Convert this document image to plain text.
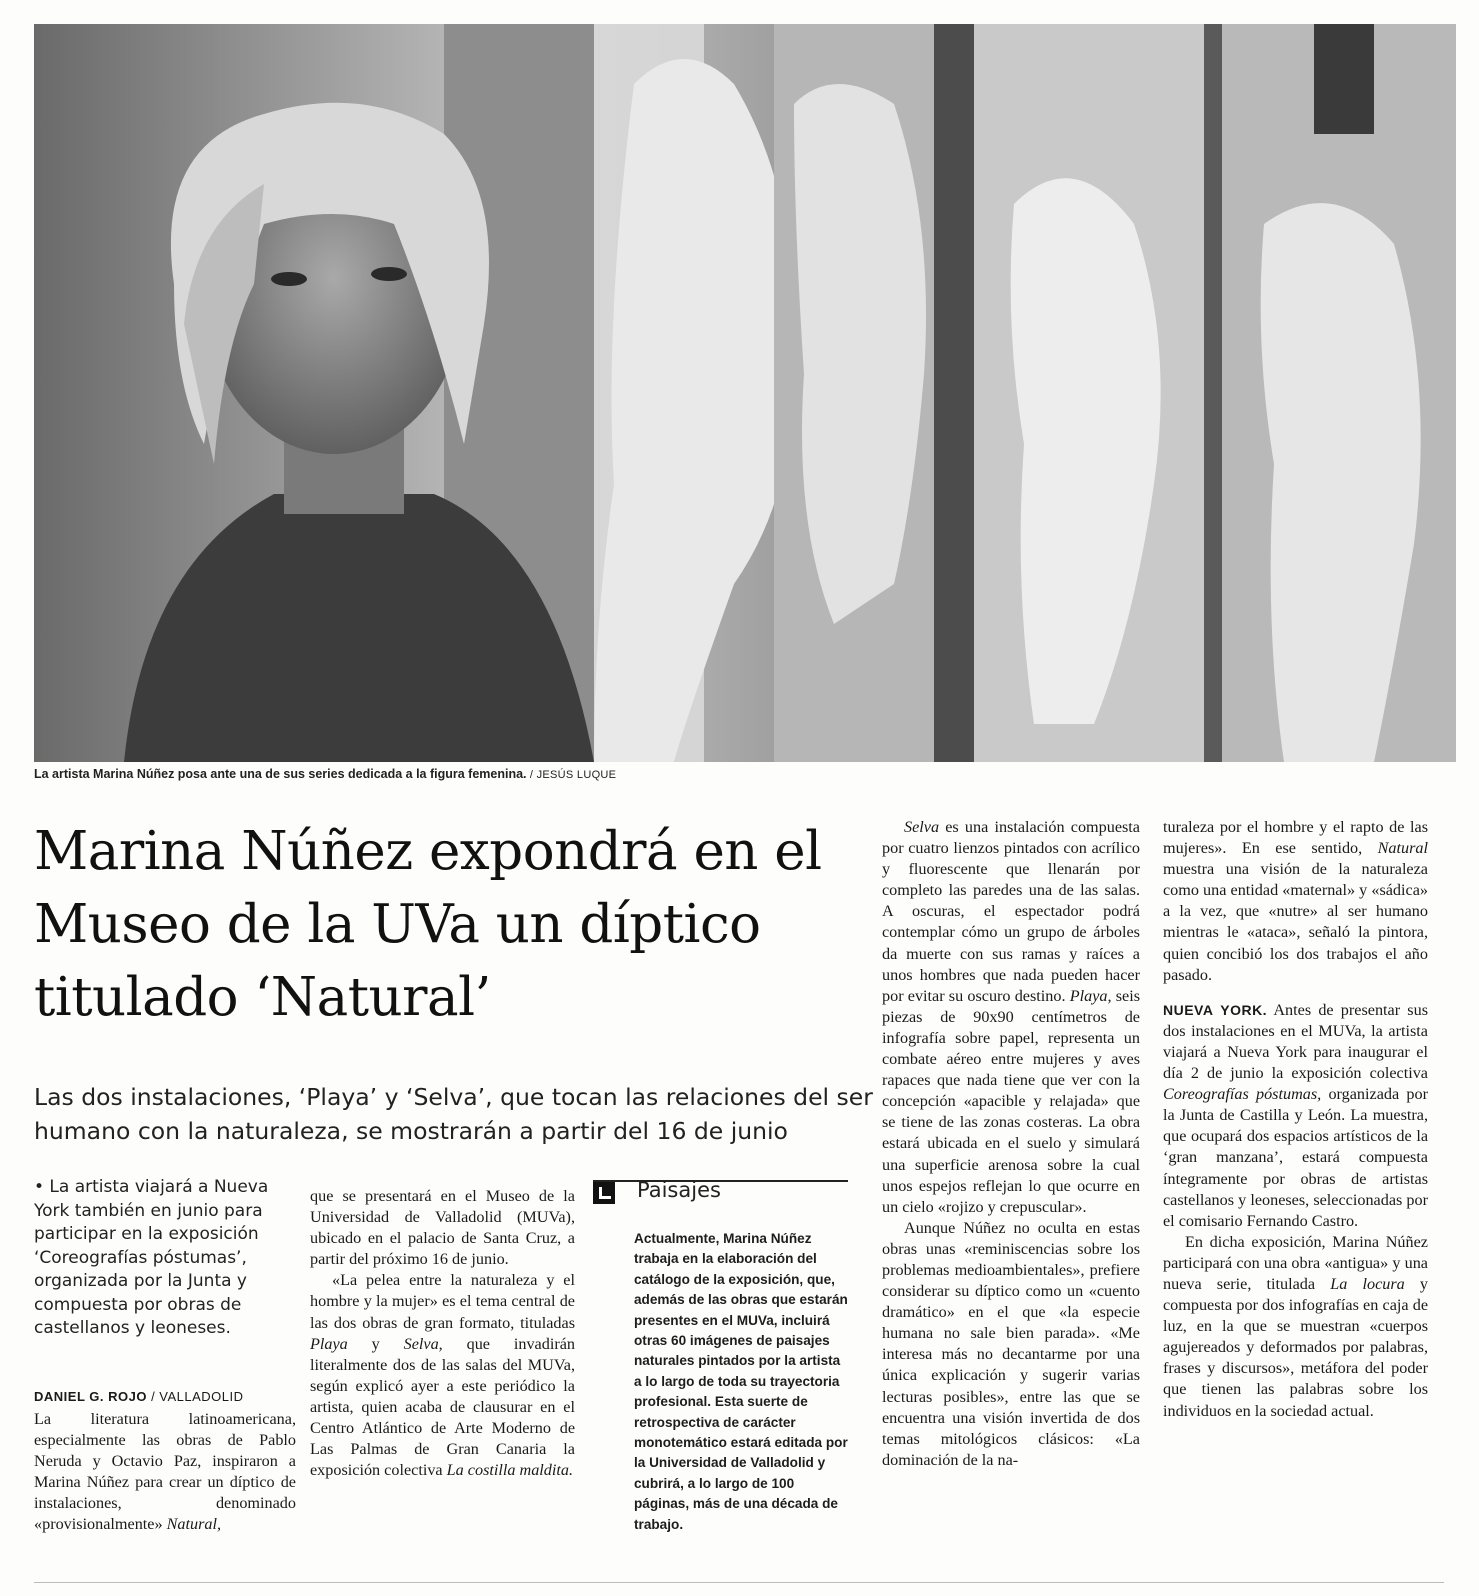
La artista Marina Núñez posa ante una de sus series dedicada a la figura femenina. / JESÚS LUQUE
Marina Núñez expondrá en el Museo de la UVa un díptico titulado ‘Natural’

Las dos instalaciones, ‘Playa’ y ‘Selva’, que tocan las relaciones del ser humano con la naturaleza, se mostrarán a partir del 16 de junio

• La artista viajará a Nueva York también en junio para participar en la exposición ‘Coreografías póstumas’, organizada por la Junta y compuesta por obras de castellanos y leoneses.
DANIEL G. ROJO / VALLADOLID

La literatura latinoamericana, especialmente las obras de Pablo Neruda y Octavio Paz, inspiraron a Marina Núñez para crear un díptico de instalaciones, denominado «provisionalmente» Natural,

que se presentará en el Museo de la Universidad de Valladolid (MUVa), ubicado en el palacio de Santa Cruz, a partir del próximo 16 de junio.

«La pelea entre la naturaleza y el hombre y la mujer» es el tema central de las dos obras de gran formato, tituladas Playa y Selva, que invadirán literalmente dos de las salas del MUVa, según explicó ayer a este periódico la artista, quien acaba de clausurar en el Centro Atlántico de Arte Moderno de Las Palmas de Gran Canaria la exposición colectiva La costilla maldita.

Paisajes
Actualmente, Marina Núñez trabaja en la elaboración del catálogo de la exposición, que, además de las obras que estarán presentes en el MUVa, incluirá otras 60 imágenes de paisajes naturales pintados por la artista a lo largo de toda su trayectoria profesional. Esta suerte de retrospectiva de carácter monotemático estará editada por la Universidad de Valladolid y cubrirá, a lo largo de 100 páginas, más de una década de trabajo.

Selva es una instalación compuesta por cuatro lienzos pintados con acrílico y fluorescente que llenarán por completo las paredes una de las salas. A oscuras, el espectador podrá contemplar cómo un grupo de árboles da muerte con sus ramas y raíces a unos hombres que nada pueden hacer por evitar su oscuro destino. Playa, seis piezas de 90x90 centímetros de infografía sobre papel, representa un combate aéreo entre mujeres y aves rapaces que nada tiene que ver con la concepción «apacible y relajada» que se tiene de las zonas costeras. La obra estará ubicada en el suelo y simulará una superficie arenosa sobre la cual unos espejos reflejan lo que ocurre en un cielo «rojizo y crepuscular».

Aunque Núñez no oculta en estas obras unas «reminiscencias sobre los problemas medioambientales», prefiere considerar su díptico como un «cuento dramático» en el que «la especie humana no sale bien parada». «Me interesa más no decantarme por una única explicación y sugerir varias lecturas posibles», entre las que se encuentra una visión invertida de dos temas mitológicos clásicos: «La dominación de la na-

turaleza por el hombre y el rapto de las mujeres». En ese sentido, Natural muestra una visión de la naturaleza como una entidad «maternal» y «sádica» a la vez, que «nutre» al ser humano mientras le «ataca», señaló la pintora, quien concibió los dos trabajos el año pasado.

NUEVA YORK. Antes de presentar sus dos instalaciones en el MUVa, la artista viajará a Nueva York para inaugurar el día 2 de junio la exposición colectiva Coreografías póstumas, organizada por la Junta de Castilla y León. La muestra, que ocupará dos espacios artísticos de la ‘gran manzana’, estará compuesta íntegramente por obras de artistas castellanos y leoneses, seleccionadas por el comisario Fernando Castro.

En dicha exposición, Marina Núñez participará con una obra «antigua» y una nueva serie, titulada La locura y compuesta por dos infografías en caja de luz, en la que se muestran «cuerpos agujereados y deformados por palabras, frases y discursos», metáfora del poder que tienen las palabras sobre los individuos en la sociedad actual.
